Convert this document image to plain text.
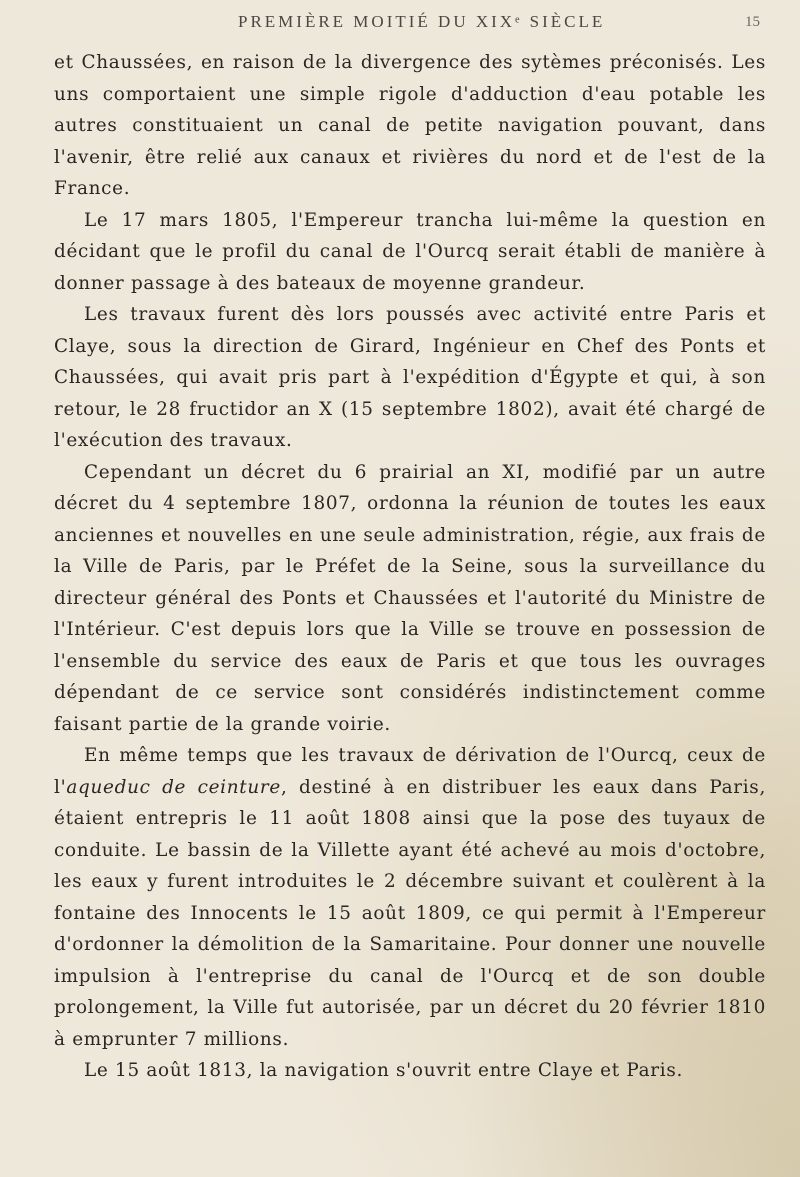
PREMIÈRE MOITIÉ DU XIXᵉ SIÈCLE	15

et Chaussées, en raison de la divergence des sytèmes préconisés. Les uns comportaient une simple rigole d'adduction d'eau potable les autres constituaient un canal de petite navigation pouvant, dans l'avenir, être relié aux canaux et rivières du nord et de l'est de la France.

Le 17 mars 1805, l'Empereur trancha lui-même la question en décidant que le profil du canal de l'Ourcq serait établi de manière à donner passage à des bateaux de moyenne grandeur.

Les travaux furent dès lors poussés avec activité entre Paris et Claye, sous la direction de Girard, Ingénieur en Chef des Ponts et Chaussées, qui avait pris part à l'expédition d'Égypte et qui, à son retour, le 28 fructidor an X (15 septembre 1802), avait été chargé de l'exécution des travaux.

Cependant un décret du 6 prairial an XI, modifié par un autre décret du 4 septembre 1807, ordonna la réunion de toutes les eaux anciennes et nouvelles en une seule administration, régie, aux frais de la Ville de Paris, par le Préfet de la Seine, sous la surveillance du directeur général des Ponts et Chaussées et l'autorité du Ministre de l'Intérieur. C'est depuis lors que la Ville se trouve en possession de l'ensemble du service des eaux de Paris et que tous les ouvrages dépendant de ce service sont considérés indistinctement comme faisant partie de la grande voirie.

En même temps que les travaux de dérivation de l'Ourcq, ceux de l'aqueduc de ceinture, destiné à en distribuer les eaux dans Paris, étaient entrepris le 11 août 1808 ainsi que la pose des tuyaux de conduite. Le bassin de la Villette ayant été achevé au mois d'octobre, les eaux y furent introduites le 2 décembre suivant et coulèrent à la fontaine des Innocents le 15 août 1809, ce qui permit à l'Empereur d'ordonner la démolition de la Samaritaine. Pour donner une nouvelle impulsion à l'entreprise du canal de l'Ourcq et de son double prolongement, la Ville fut autorisée, par un décret du 20 février 1810 à emprunter 7 millions.

Le 15 août 1813, la navigation s'ouvrit entre Claye et Paris.
